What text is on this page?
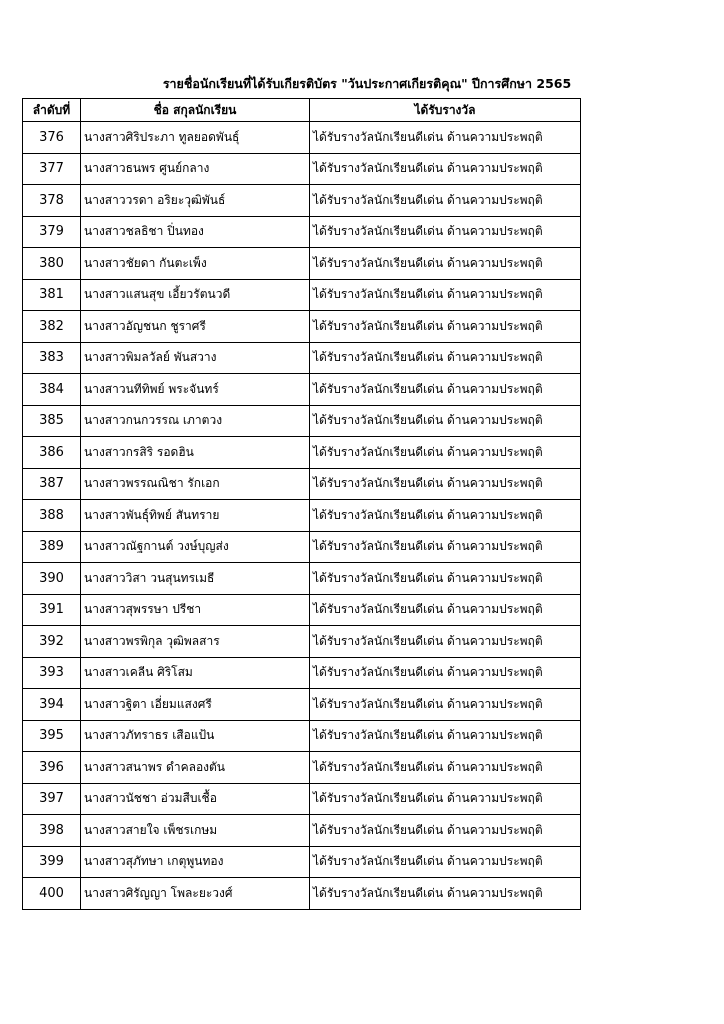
รายชื่อนักเรียนที่ได้รับเกียรติบัตร "วันประกาศเกียรติคุณ" ปีการศึกษา 2565
ลำดับที่	ชื่อ สกุลนักเรียน	ได้รับรางวัล
376	นางสาวศิริประภา ทูลยอดพันธุ์	ได้รับรางวัลนักเรียนดีเด่น ด้านความประพฤติ
377	นางสาวธนพร ศูนย์กลาง	ได้รับรางวัลนักเรียนดีเด่น ด้านความประพฤติ
378	นางสาววรดา อริยะวุฒิพันธ์	ได้รับรางวัลนักเรียนดีเด่น ด้านความประพฤติ
379	นางสาวชลธิชา ปิ่นทอง	ได้รับรางวัลนักเรียนดีเด่น ด้านความประพฤติ
380	นางสาวชัยดา กันตะเพ็ง	ได้รับรางวัลนักเรียนดีเด่น ด้านความประพฤติ
381	นางสาวแสนสุข เอี้ยวรัตนวดี	ได้รับรางวัลนักเรียนดีเด่น ด้านความประพฤติ
382	นางสาวอัญชนก ชูราศรี	ได้รับรางวัลนักเรียนดีเด่น ด้านความประพฤติ
383	นางสาวพิมลวัลย์ พันสวาง	ได้รับรางวัลนักเรียนดีเด่น ด้านความประพฤติ
384	นางสาวนทีทิพย์ พระจันทร์	ได้รับรางวัลนักเรียนดีเด่น ด้านความประพฤติ
385	นางสาวกนกวรรณ เภาตวง	ได้รับรางวัลนักเรียนดีเด่น ด้านความประพฤติ
386	นางสาวกรสิริ รอดฮิน	ได้รับรางวัลนักเรียนดีเด่น ด้านความประพฤติ
387	นางสาวพรรณณิชา รักเอก	ได้รับรางวัลนักเรียนดีเด่น ด้านความประพฤติ
388	นางสาวพันธุ์ทิพย์ สันทราย	ได้รับรางวัลนักเรียนดีเด่น ด้านความประพฤติ
389	นางสาวณัฐกานต์ วงษ์บุญส่ง	ได้รับรางวัลนักเรียนดีเด่น ด้านความประพฤติ
390	นางสาววิสา วนสุนทรเมธี	ได้รับรางวัลนักเรียนดีเด่น ด้านความประพฤติ
391	นางสาวสุพรรษา ปรีชา	ได้รับรางวัลนักเรียนดีเด่น ด้านความประพฤติ
392	นางสาวพรพิกุล วุฒิพลสาร	ได้รับรางวัลนักเรียนดีเด่น ด้านความประพฤติ
393	นางสาวเคลีน ศิริโสม	ได้รับรางวัลนักเรียนดีเด่น ด้านความประพฤติ
394	นางสาวฐิตา เอี่ยมแสงศรี	ได้รับรางวัลนักเรียนดีเด่น ด้านความประพฤติ
395	นางสาวภัทราธร เสือแป้น	ได้รับรางวัลนักเรียนดีเด่น ด้านความประพฤติ
396	นางสาวสนาพร ดำคลองตัน	ได้รับรางวัลนักเรียนดีเด่น ด้านความประพฤติ
397	นางสาวนัชชา อ่วมสืบเชื้อ	ได้รับรางวัลนักเรียนดีเด่น ด้านความประพฤติ
398	นางสาวสายใจ เพ็ชรเกษม	ได้รับรางวัลนักเรียนดีเด่น ด้านความประพฤติ
399	นางสาวสุภัทษา เกตุพูนทอง	ได้รับรางวัลนักเรียนดีเด่น ด้านความประพฤติ
400	นางสาวศิรัญญา โพละยะวงศ์	ได้รับรางวัลนักเรียนดีเด่น ด้านความประพฤติ
